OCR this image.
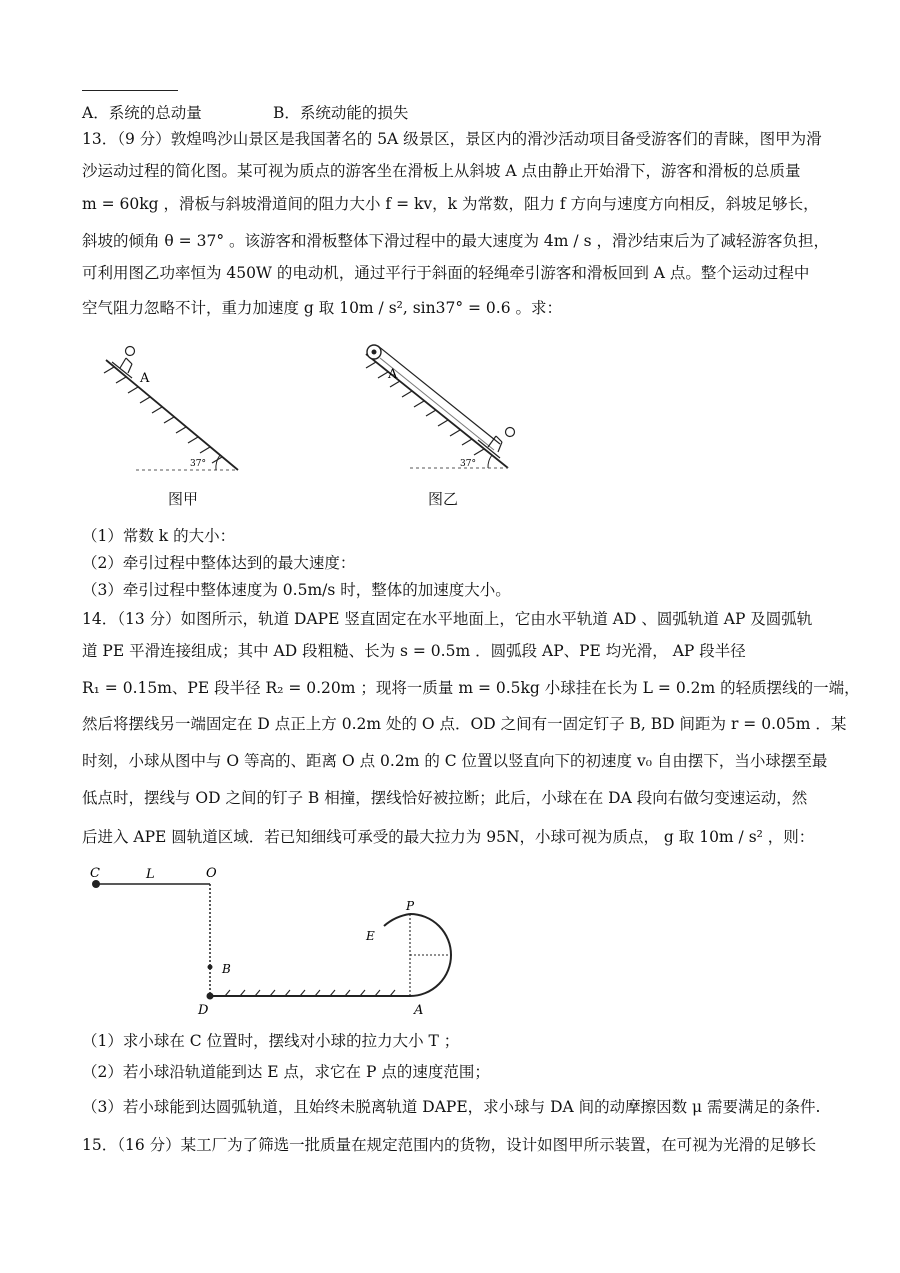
A．系统的总动量	B．系统动能的损失
13．（9 分）敦煌鸣沙山景区是我国著名的 5A 级景区，景区内的滑沙活动项目备受游客们的青睐，图甲为滑
沙运动过程的简化图。某可视为质点的游客坐在滑板上从斜坡 A 点由静止开始滑下，游客和滑板的总质量
m = 60kg ，滑板与斜坡滑道间的阻力大小 f = kv，k 为常数，阻力 f 方向与速度方向相反，斜坡足够长，
斜坡的倾角 θ = 37° 。该游客和滑板整体下滑过程中的最大速度为 4m / s ，滑沙结束后为了减轻游客负担，
可利用图乙功率恒为 450W 的电动机，通过平行于斜面的轻绳牵引游客和滑板回到 A 点。整个运动过程中
空气阻力忽略不计，重力加速度 g 取 10m / s², sin37° = 0.6 。求：
A
37°
图甲
A
37°
图乙
（1）常数 k 的大小：
（2）牵引过程中整体达到的最大速度：
（3）牵引过程中整体速度为 0.5m/s 时，整体的加速度大小。
14．（13 分）如图所示，轨道 DAPE 竖直固定在水平地面上，它由水平轨道 AD 、圆弧轨道 AP 及圆弧轨
道 PE 平滑连接组成；其中 AD 段粗糙、长为 s = 0.5m ．圆弧段 AP、PE 均光滑， AP 段半径
R₁ = 0.15m、PE 段半径 R₂ = 0.20m ；现将一质量 m = 0.5kg 小球挂在长为 L = 0.2m 的轻质摆线的一端，
然后将摆线另一端固定在 D 点正上方 0.2m 处的 O 点．OD 之间有一固定钉子 B, BD 间距为 r = 0.05m ．某
时刻，小球从图中与 O 等高的、距离 O 点 0.2m 的 C 位置以竖直向下的初速度 v₀ 自由摆下，当小球摆至最
低点时，摆线与 OD 之间的钉子 B 相撞，摆线恰好被拉断；此后，小球在在 DA 段向右做匀变速运动，然
后进入 APE 圆轨道区域．若已知细线可承受的最大拉力为 95N，小球可视为质点， g 取 10m / s² ，则：
C	L	O
B
D	A
P
E
（1）求小球在 C 位置时，摆线对小球的拉力大小 T ；
（2）若小球沿轨道能到达 E 点，求它在 P 点的速度范围；
（3）若小球能到达圆弧轨道，且始终未脱离轨道 DAPE，求小球与 DA 间的动摩擦因数 μ 需要满足的条件.
15．（16 分）某工厂为了筛选一批质量在规定范围内的货物，设计如图甲所示装置，在可视为光滑的足够长
